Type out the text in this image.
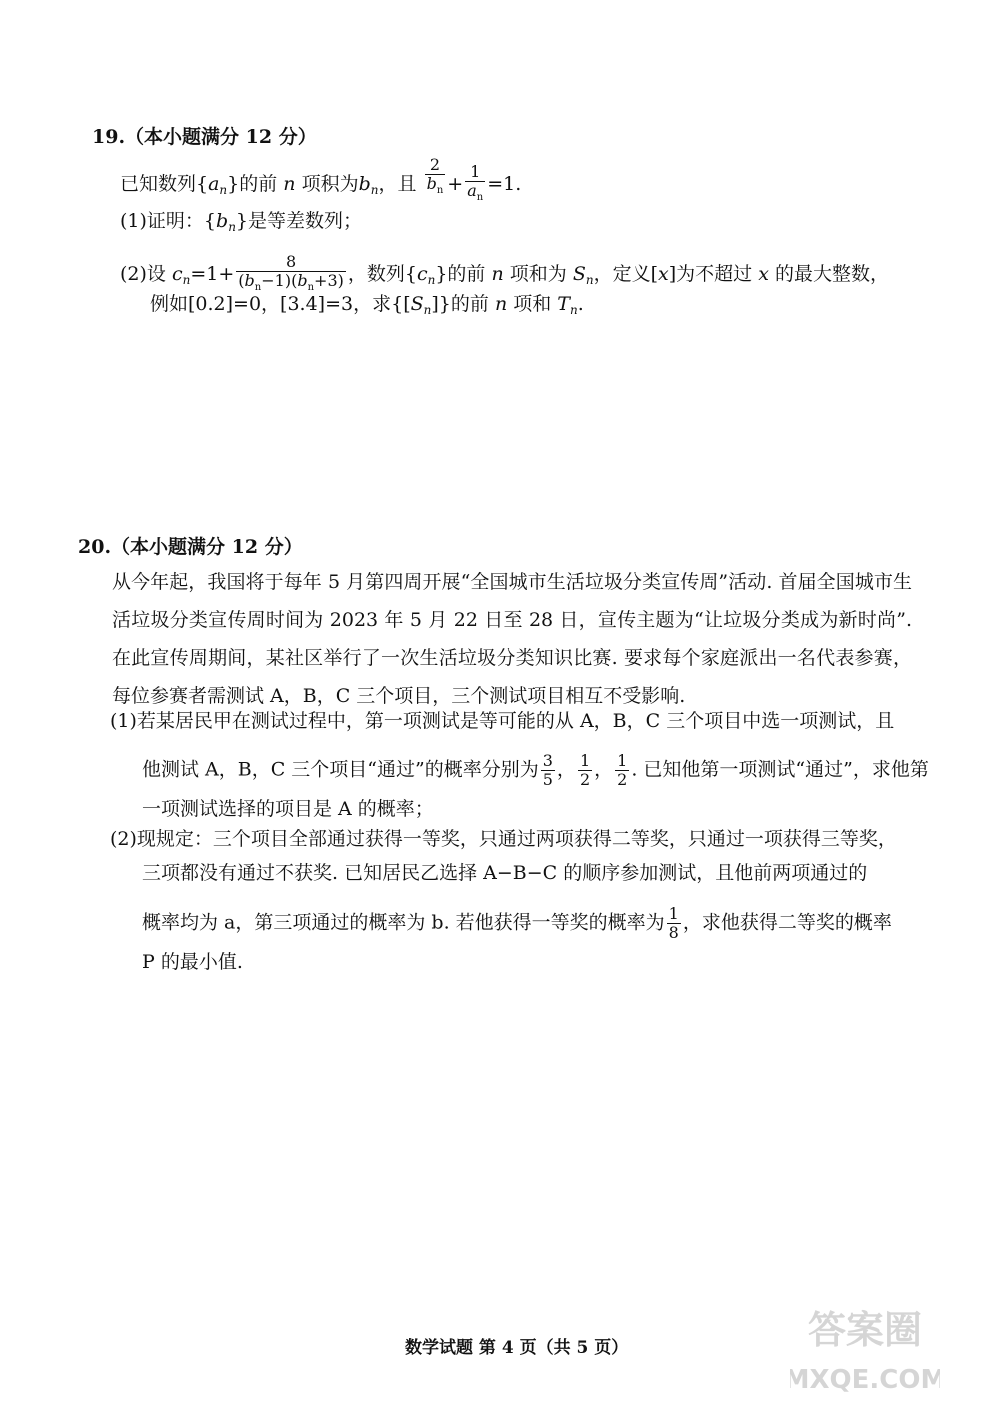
19.（本小题满分 12 分）
已知数列$\{a_n\}$的前 n 项积为$b_n$，且 $\frac{2}{b_n} + \frac{1}{a_n} =1$.
(1)证明：$\{b_n\}$是等差数列；
(2)设 $c_n=1+ \frac{8}{(b_n-1)(b_n+3)}$ ，数列$\{c_n\}$的前 n 项和为 $S_n$，定义[x]为不超过 x 的最大整数，
例如[0.2]=0，[3.4]=3，求$\{[S_n]\}$的前 n 项和 $T_n$.
20.（本小题满分 12 分）
从今年起，我国将于每年 5 月第四周开展“全国城市生活垃圾分类宣传周”活动. 首届全国城市生活垃圾分类宣传周时间为 2023 年 5 月 22 日至 28 日，宣传主题为“让垃圾分类成为新时尚”. 在此宣传周期间，某社区举行了一次生活垃圾分类知识比赛. 要求每个家庭派出一名代表参赛，每位参赛者需测试 A，B，C 三个项目，三个测试项目相互不受影响.
(1)若某居民甲在测试过程中，第一项测试是等可能的从 A，B，C 三个项目中选一项测试，且
他测试 A，B，C 三个项目“通过”的概率分别为 $\frac{3}{5}$ ， $\frac{1}{2}$ ， $\frac{1}{2}$ . 已知他第一项测试“通过”，求他第
一项测试选择的项目是 A 的概率；
(2)现规定：三个项目全部通过获得一等奖，只通过两项获得二等奖，只通过一项获得三等奖，
三项都没有通过不获奖. 已知居民乙选择 A−B−C 的顺序参加测试，且他前两项通过的
概率均为 a，第三项通过的概率为 b. 若他获得一等奖的概率为 $\frac{1}{8}$ ，求他获得二等奖的概率
P 的最小值.
数学试题 第 4 页（共 5 页）	答案圈
MXQE.COM
